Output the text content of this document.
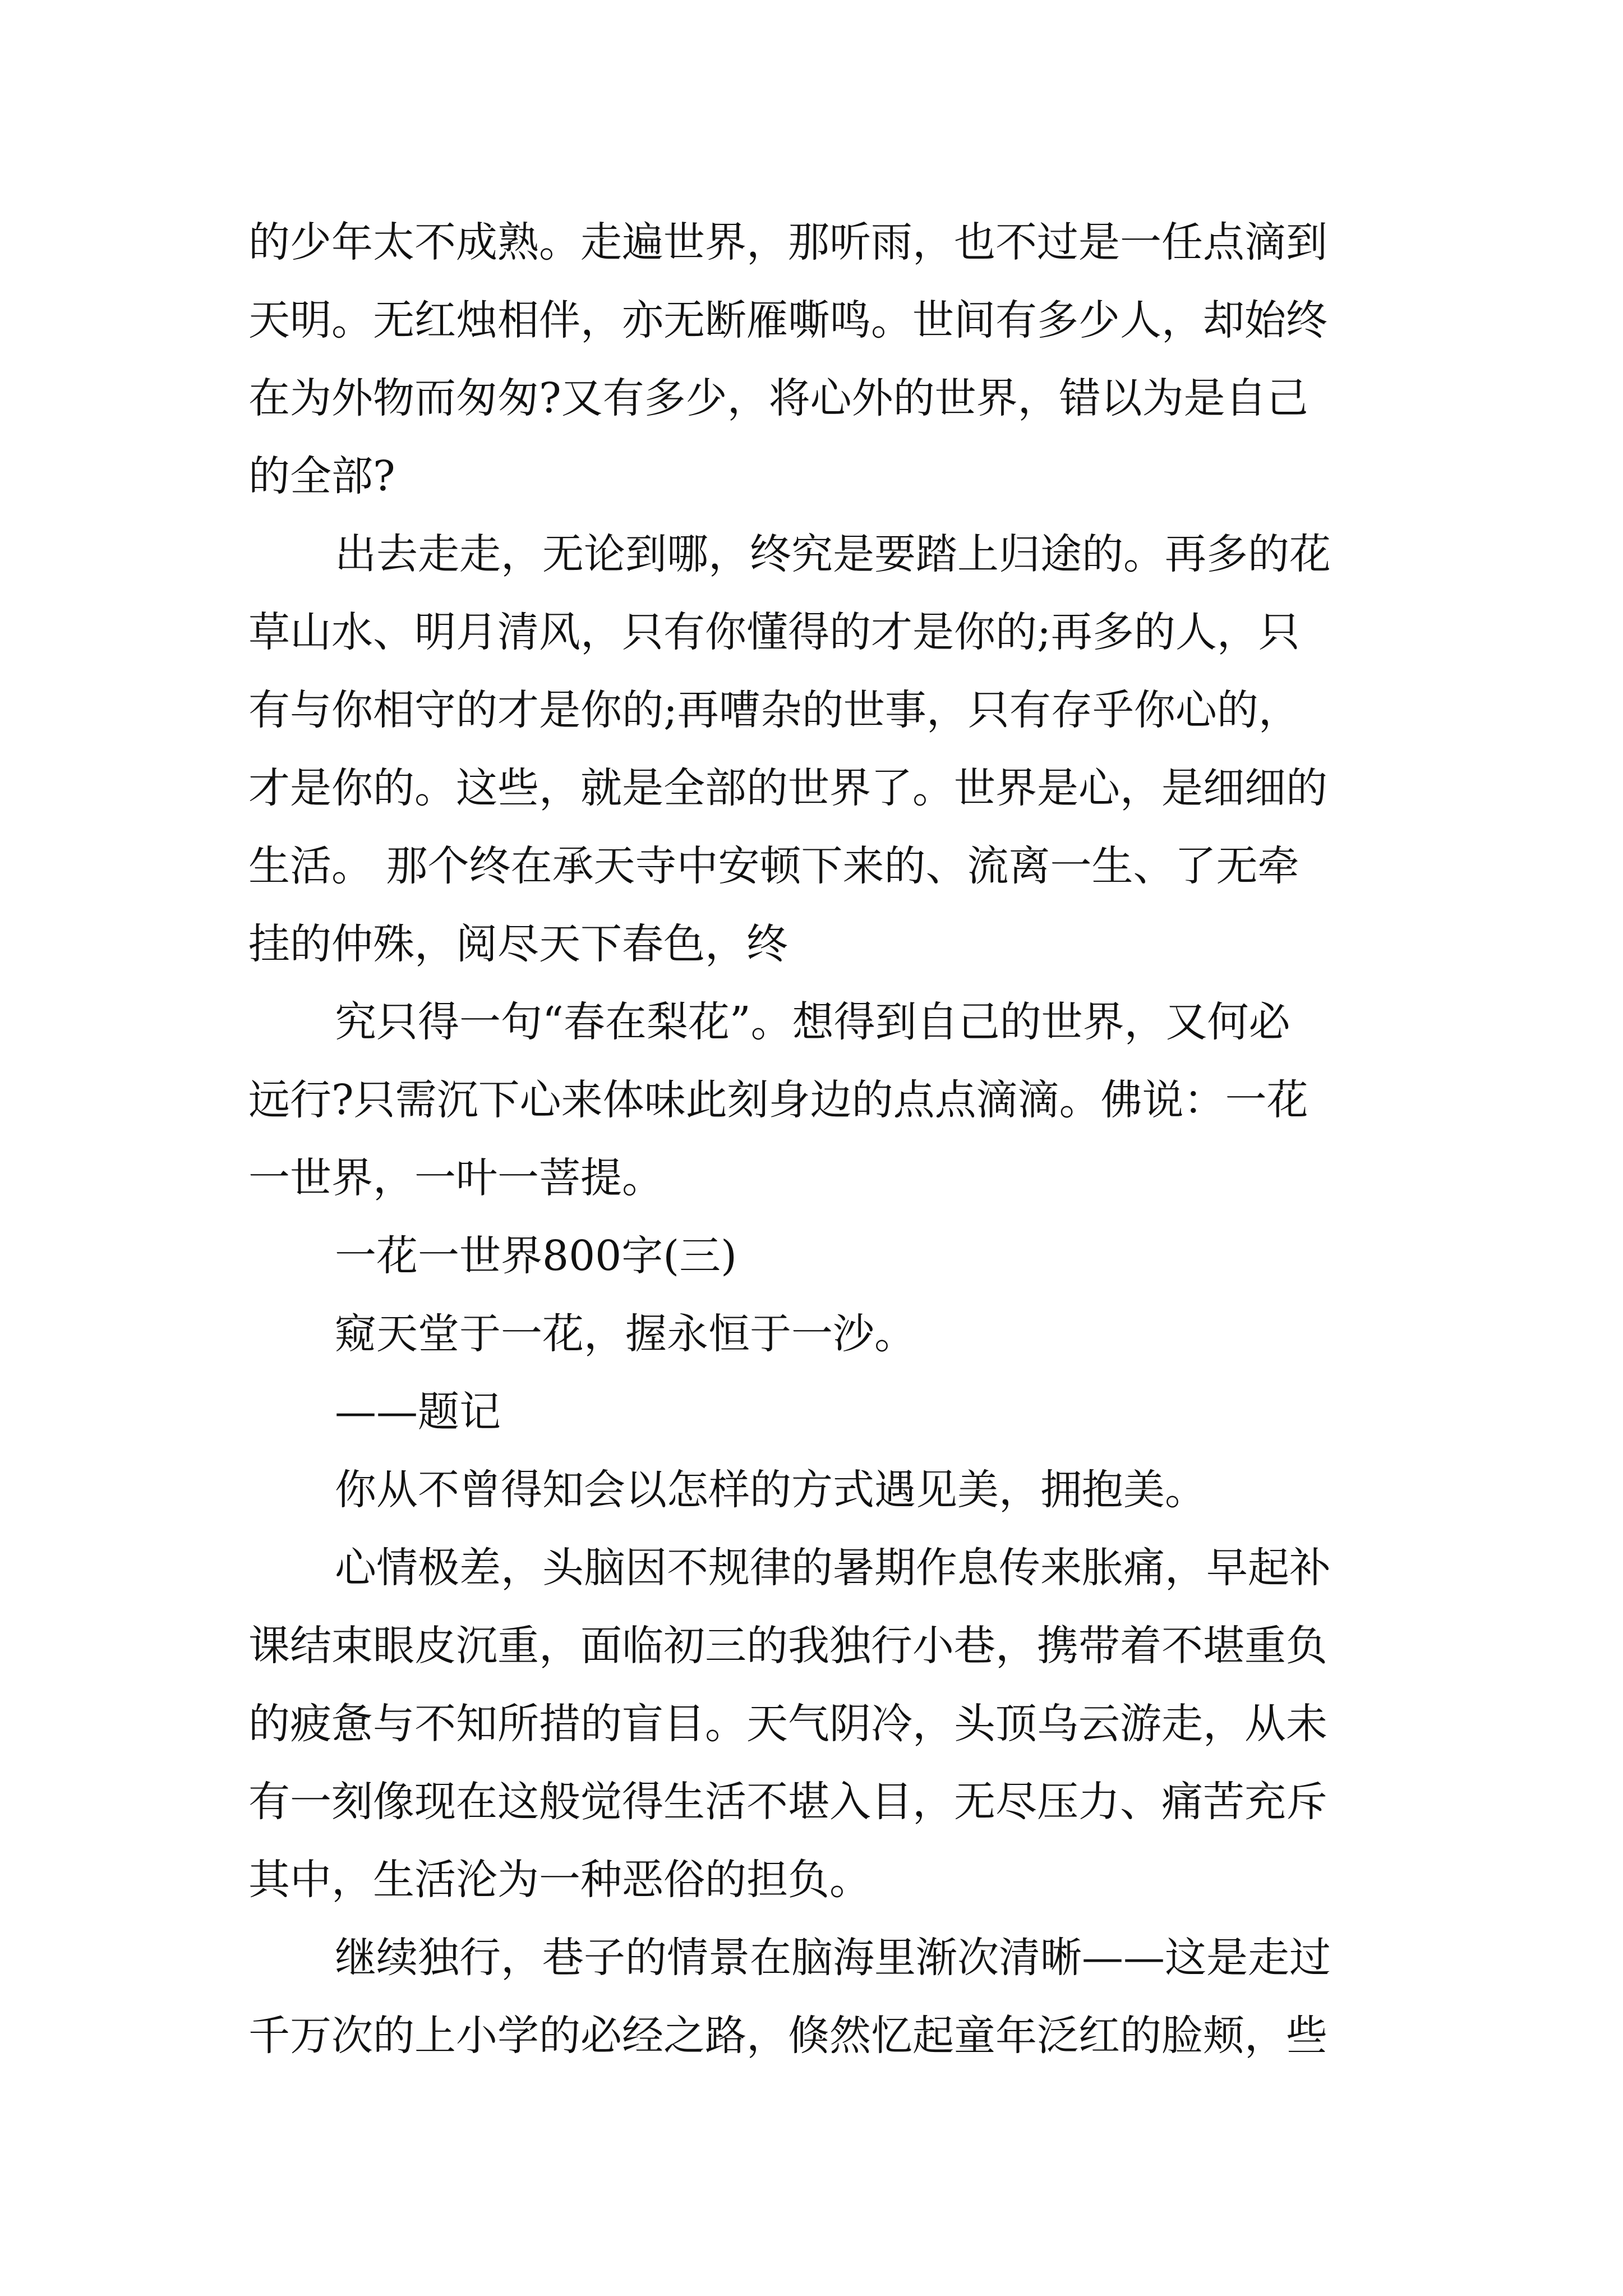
的少年太不成熟。走遍世界，那听雨，也不过是一任点滴到
天明。无红烛相伴，亦无断雁嘶鸣。世间有多少人，却始终
在为外物而匆匆?又有多少，将心外的世界，错以为是自己
的全部?
出去走走，无论到哪，终究是要踏上归途的。再多的花
草山水、明月清风，只有你懂得的才是你的;再多的人，只
有与你相守的才是你的;再嘈杂的世事，只有存乎你心的，
才是你的。这些，就是全部的世界了。世界是心，是细细的
生活。 那个终在承天寺中安顿下来的、流离一生、了无牵
挂的仲殊，阅尽天下春色，终
究只得一句“春在梨花”。想得到自己的世界，又何必
远行?只需沉下心来体味此刻身边的点点滴滴。佛说：一花
一世界，一叶一菩提。
一花一世界800字(三)
窥天堂于一花，握永恒于一沙。
——题记
你从不曾得知会以怎样的方式遇见美，拥抱美。
心情极差，头脑因不规律的暑期作息传来胀痛，早起补
课结束眼皮沉重，面临初三的我独行小巷，携带着不堪重负
的疲惫与不知所措的盲目。天气阴冷，头顶乌云游走，从未
有一刻像现在这般觉得生活不堪入目，无尽压力、痛苦充斥
其中，生活沦为一种恶俗的担负。
继续独行，巷子的情景在脑海里渐次清晰——这是走过
千万次的上小学的必经之路，倏然忆起童年泛红的脸颊，些
